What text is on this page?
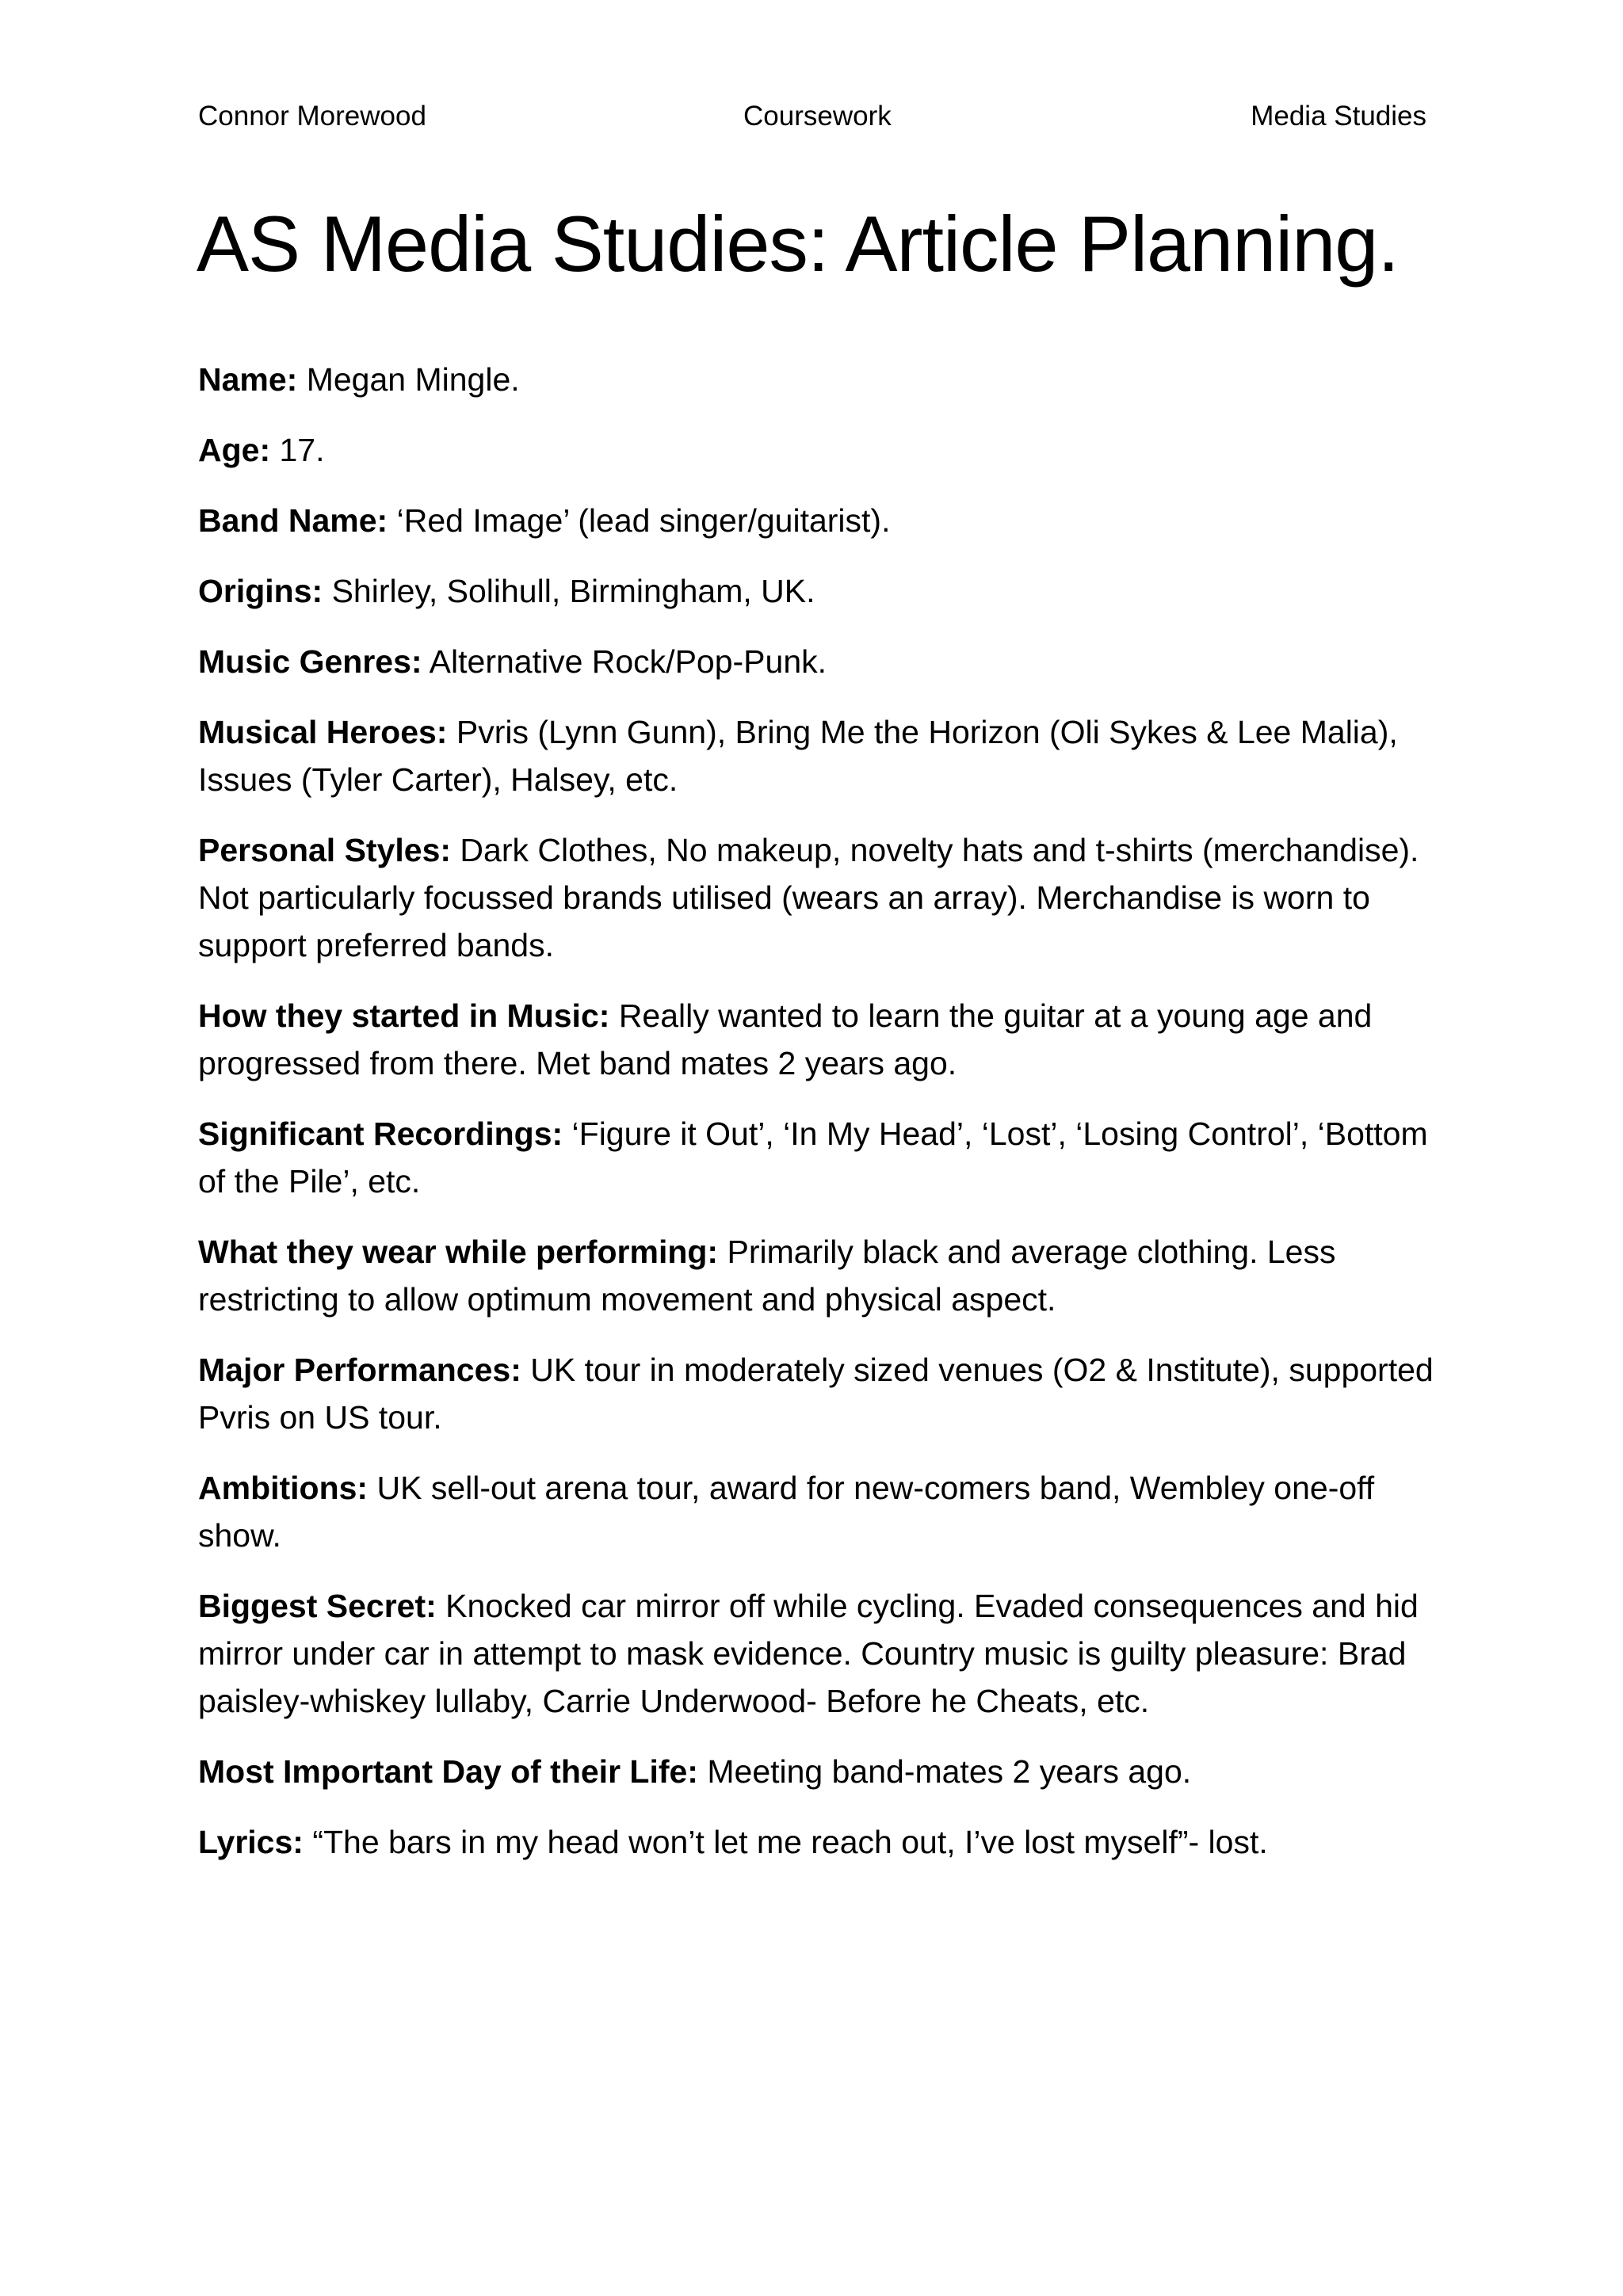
Connor Morewood	Coursework	Media Studies
AS Media Studies: Article Planning.

Name: Megan Mingle.

Age: 17.

Band Name: ‘Red Image’ (lead singer/guitarist).

Origins: Shirley, Solihull, Birmingham, UK.

Music Genres: Alternative Rock/Pop-Punk.

Musical Heroes: Pvris (Lynn Gunn), Bring Me the Horizon (Oli Sykes & Lee Malia), Issues (Tyler Carter), Halsey, etc.

Personal Styles: Dark Clothes, No makeup, novelty hats and t-shirts (merchandise). Not particularly focussed brands utilised (wears an array). Merchandise is worn to support preferred bands.

How they started in Music: Really wanted to learn the guitar at a young age and progressed from there. Met band mates 2 years ago.

Significant Recordings: ‘Figure it Out’, ‘In My Head’, ‘Lost’, ‘Losing Control’, ‘Bottom of the Pile’, etc.

What they wear while performing: Primarily black and average clothing. Less restricting to allow optimum movement and physical aspect.

Major Performances: UK tour in moderately sized venues (O2 & Institute), supported Pvris on US tour.

Ambitions: UK sell-out arena tour, award for new-comers band, Wembley one-off show.

Biggest Secret: Knocked car mirror off while cycling. Evaded consequences and hid mirror under car in attempt to mask evidence. Country music is guilty pleasure: Brad paisley-whiskey lullaby, Carrie Underwood- Before he Cheats, etc.

Most Important Day of their Life: Meeting band-mates 2 years ago.

Lyrics: “The bars in my head won’t let me reach out, I’ve lost myself”- lost.
